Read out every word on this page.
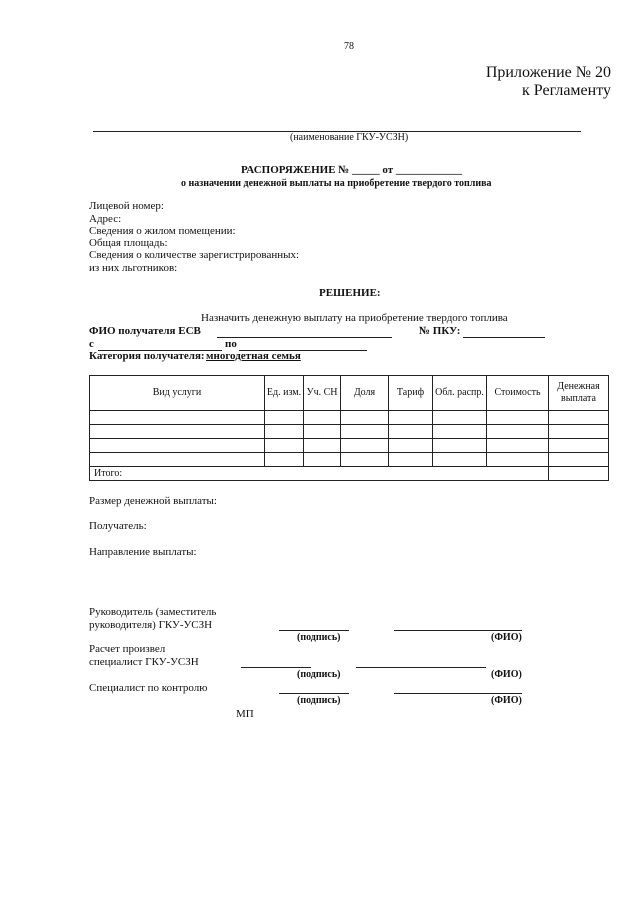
78
Приложение № 20
к Регламенту
(наименование ГКУ-УСЗН)
РАСПОРЯЖЕНИЕ № _____ от ____________
о назначении денежной выплаты на приобретение твердого топлива
Лицевой номер:
Адрес:
Сведения о жилом помещении:
Общая площадь:
Сведения о количестве зарегистрированных:
из них льготников:
РЕШЕНИЕ:
Назначить денежную выплату на приобретение твердого топлива
ФИО получателя ЕСВ	№ ПКУ:
с	по
Категория получателя: многодетная семья
Вид услуги	Ед. изм.	Уч. СН	Доля	Тариф	Обл. распр.	Стоимость	Денежная выплата

Итого:							
Размер денежной выплаты:
Получатель:
Направление выплаты:
Руководитель (заместитель
руководителя) ГКУ-УСЗН
(подпись)	(ФИО)
Расчет произвел
специалист ГКУ-УСЗН
(подпись)	(ФИО)
Специалист по контролю
(подпись)	(ФИО)
МП
